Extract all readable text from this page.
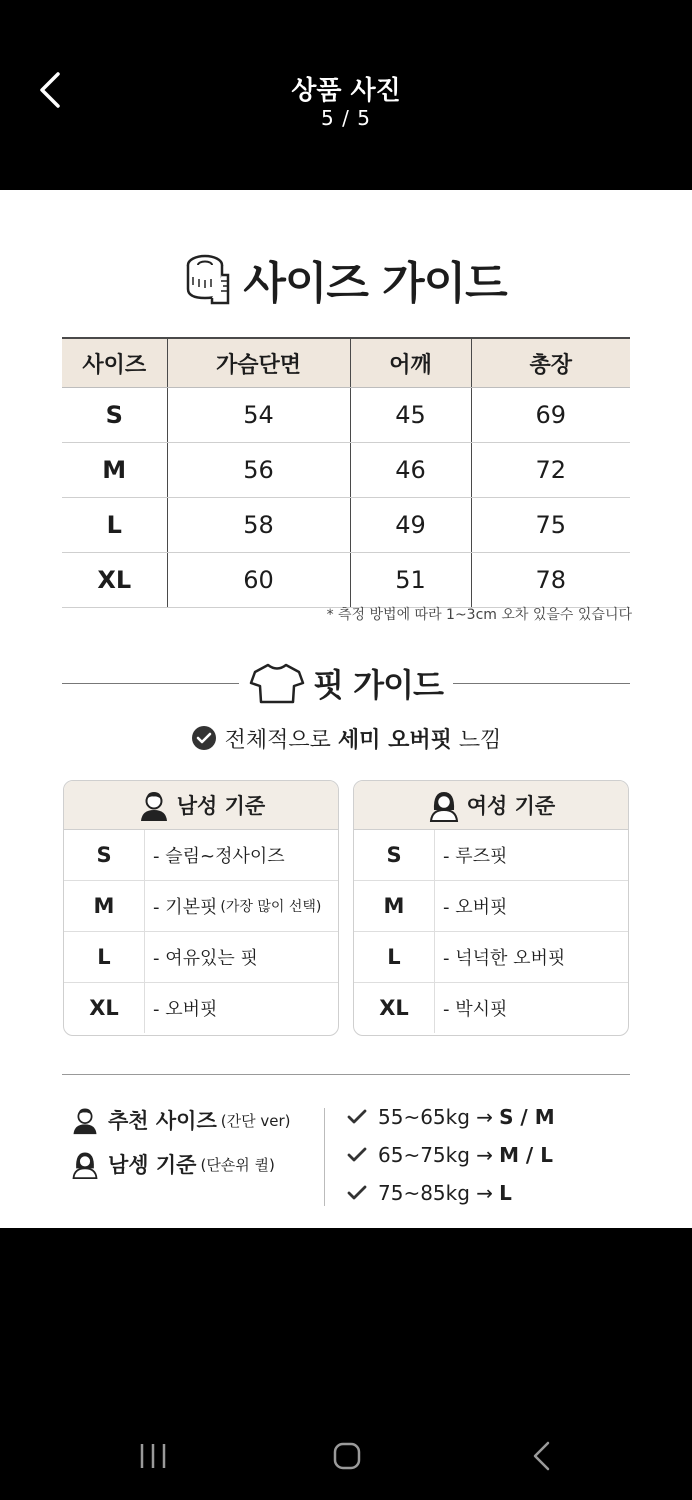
상품 사진
5 / 5
사이즈 가이드
사이즈	가슴단면	어깨	총장
S	54	45	69
M	56	46	72
L	58	49	75
XL	60	51	78
* 측정 방법에 따라 1~3cm 오차 있을수 있습니다
핏 가이드
전체적으로
세미 오버핏
느낌
남성 기준
S	- 슬림~정사이즈
M	- 기본핏 (가장 많이 선택)
L	- 여유있는 핏
XL	- 오버핏
여성 기준
S	- 루즈핏
M	- 오버핏
L	- 넉넉한 오버핏
XL	- 박시핏
추천 사이즈 (간단 ver)
남셍 기준 (단숀위 퀼)
55~65kg
→ S / M
65~75kg
→ M / L
75~85kg
→ L
